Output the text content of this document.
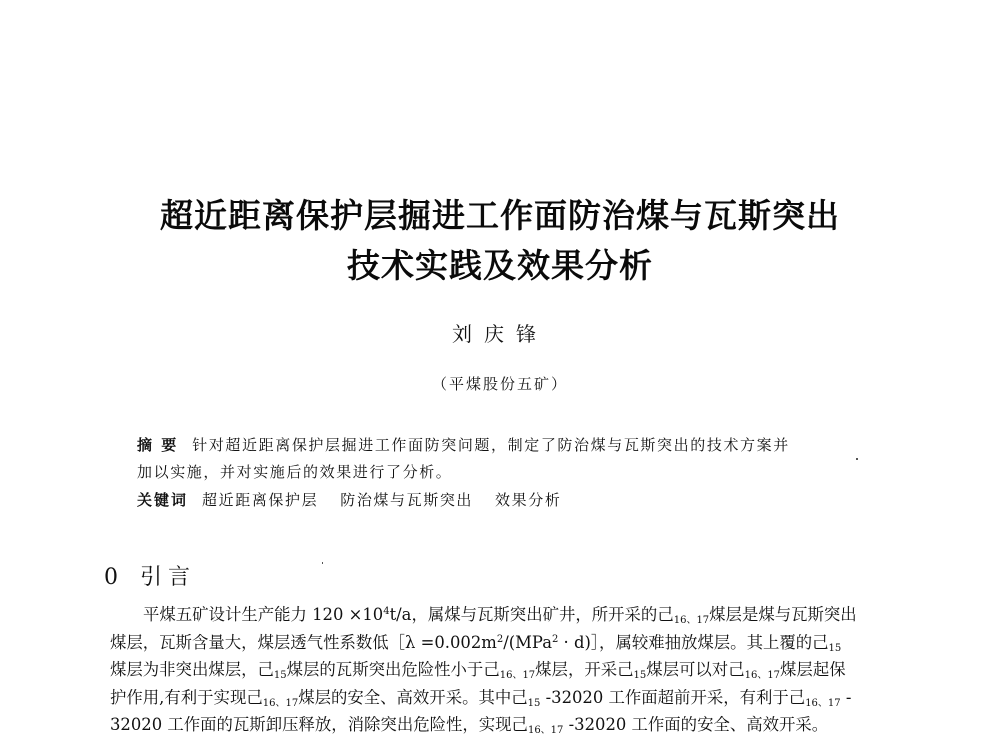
超近距离保护层掘进工作面防治煤与瓦斯突出
技术实践及效果分析
刘庆锋
（平煤股份五矿）
摘 要 针对超近距离保护层掘进工作面防突问题，制定了防治煤与瓦斯突出的技术方案并
加以实施，并对实施后的效果进行了分析。
关键词 超近距离保护层 防治煤与瓦斯突出 效果分析
0 引言
平煤五矿设计生产能力 $120 \times 10^4t/a$，属煤与瓦斯突出矿井，所开采的己$_{16、17}$煤层是煤与瓦斯突出
煤层，瓦斯含量大，煤层透气性系数低［λ $=0.002m^2/(MPa^2$ · d)］，属较难抽放煤层。其上覆的己$_{15}$
煤层为非突出煤层，己$_{15}$煤层的瓦斯突出危险性小于己$_{16、17}$煤层，开采己$_{15}$煤层可以对己$_{16、17}$煤层起保
护作用,有利于实现己$_{16、17}$煤层的安全、高效开采。其中己$_{15}$ -32020 工作面超前开采，有利于己$_{16、17}$ -
32020 工作面的瓦斯卸压释放，消除突出危险性，实现己$_{16、17}$ -32020 工作面的安全、高效开采。
